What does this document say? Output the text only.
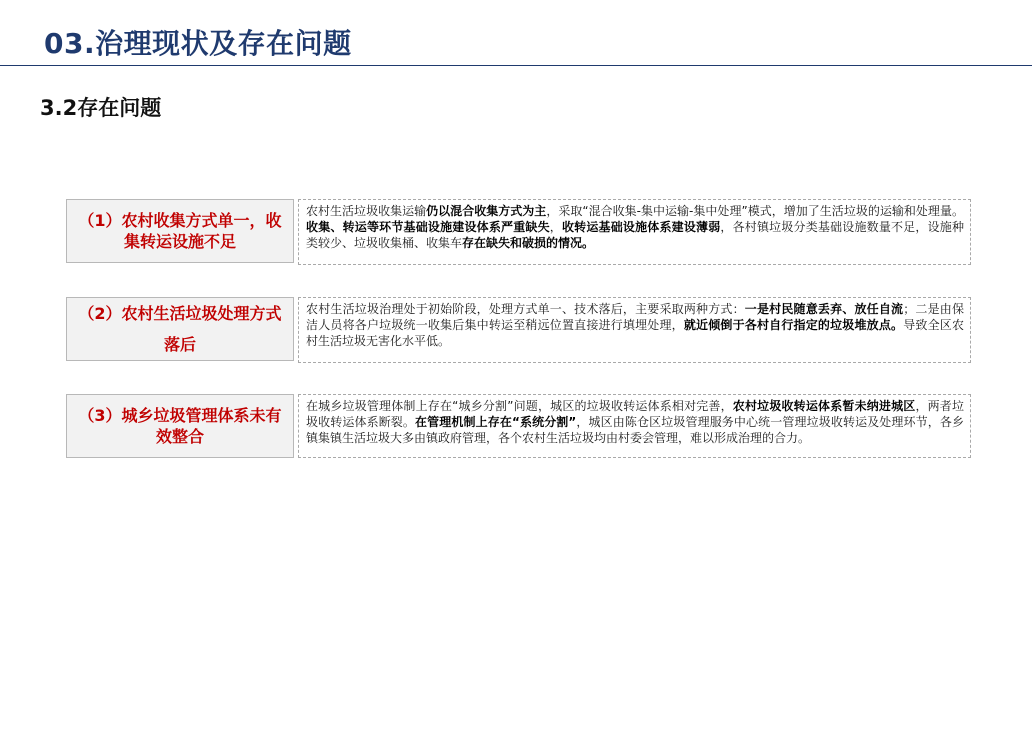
03.治理现状及存在问题
3.2存在问题
（1）农村收集方式单一，收集转运设施不足
农村生活垃圾收集运输仍以混合收集方式为主，采取“混合收集-集中运输-集中处理”模式，增加了生活垃圾的运输和处理量。收集、转运等环节基础设施建设体系严重缺失，收转运基础设施体系建设薄弱，各村镇垃圾分类基础设施数量不足，设施种类较少、垃圾收集桶、收集车存在缺失和破损的情况。
（2）农村生活垃圾处理方式落后
农村生活垃圾治理处于初始阶段，处理方式单一、技术落后，主要采取两种方式：一是村民随意丢弃、放任自流；二是由保洁人员将各户垃圾统一收集后集中转运至稍远位置直接进行填埋处理，就近倾倒于各村自行指定的垃圾堆放点。导致全区农村生活垃圾无害化水平低。
（3）城乡垃圾管理体系未有效整合
在城乡垃圾管理体制上存在“城乡分割”问题，城区的垃圾收转运体系相对完善，农村垃圾收转运体系暂未纳进城区，两者垃圾收转运体系断裂。在管理机制上存在“系统分割”，城区由陈仓区垃圾管理服务中心统一管理垃圾收转运及处理环节，各乡镇集镇生活垃圾大多由镇政府管理，各个农村生活垃圾均由村委会管理，难以形成治理的合力。
